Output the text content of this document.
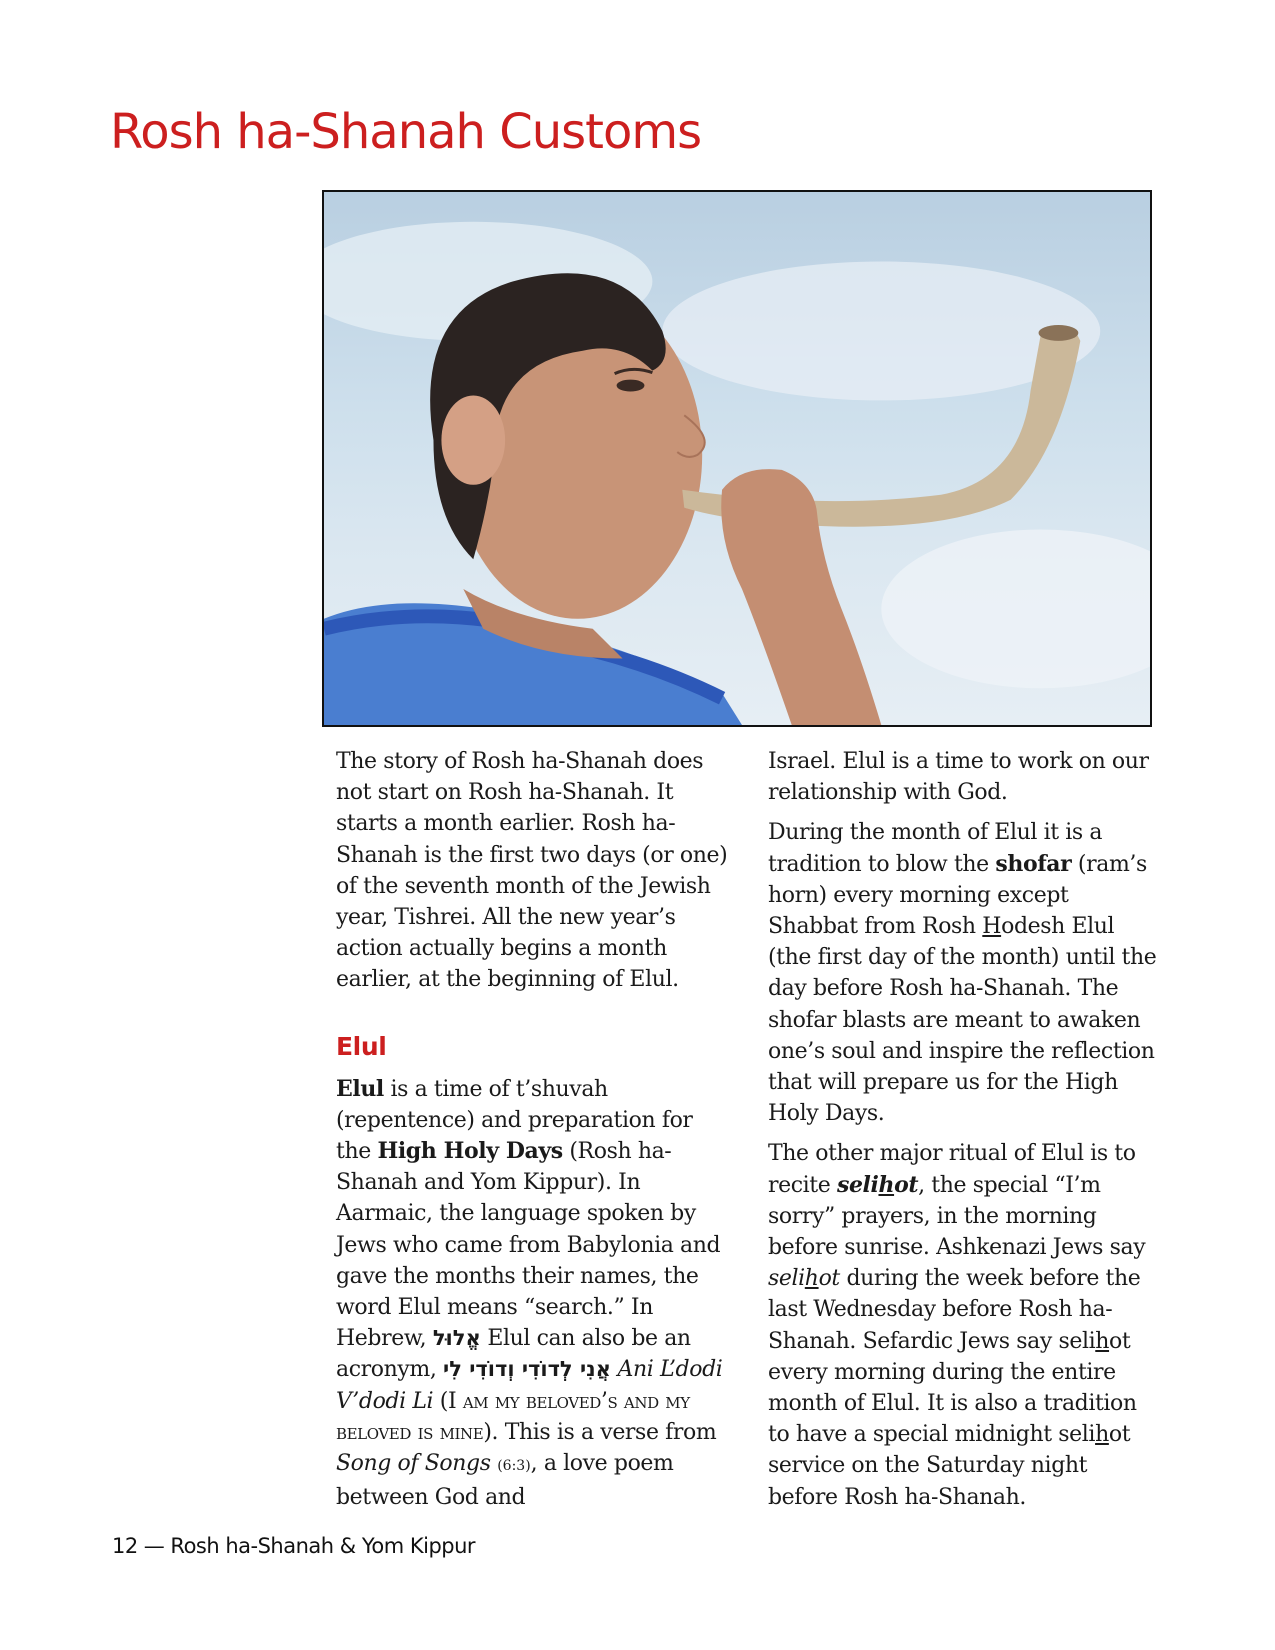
Rosh ha-Shanah Customs

The story of Rosh ha-Shanah does not start on Rosh ha-Shanah. It starts a month earlier. Rosh ha-Shanah is the first two days (or one) of the seventh month of the Jewish year, Tishrei. All the new year’s action actually begins a month earlier, at the beginning of Elul.

Elul

Elul is a time of t’shuvah (repentence) and preparation for the High Holy Days (Rosh ha-Shanah and Yom Kippur). In Aarmaic, the language spoken by Jews who came from Babylonia and gave the months their names, the word Elul means “search.” In Hebrew, אֱלוּל Elul can also be an acronym, אֲנִי לְדוֹדִי וְדוֹדִי לִי Ani L’dodi V’dodi Li (I am my beloved’s and my beloved is mine). This is a verse from Song of Songs (6:3), a love poem between God and

Israel. Elul is a time to work on our relationship with God.

During the month of Elul it is a tradition to blow the shofar (ram’s horn) every morning except Shabbat from Rosh Hodesh Elul (the first day of the month) until the day before Rosh ha-Shanah. The shofar blasts are meant to awaken one’s soul and inspire the reflection that will prepare us for the High Holy Days.

The other major ritual of Elul is to recite selihot, the special “I’m sorry” prayers, in the morning before sunrise. Ashkenazi Jews say selihot during the week before the last Wednesday before Rosh ha-Shanah. Sefardic Jews say selihot every morning during the entire month of Elul. It is also a tradition to have a special midnight selihot service on the Saturday night before Rosh ha-Shanah.

12 — Rosh ha-Shanah & Yom Kippur
